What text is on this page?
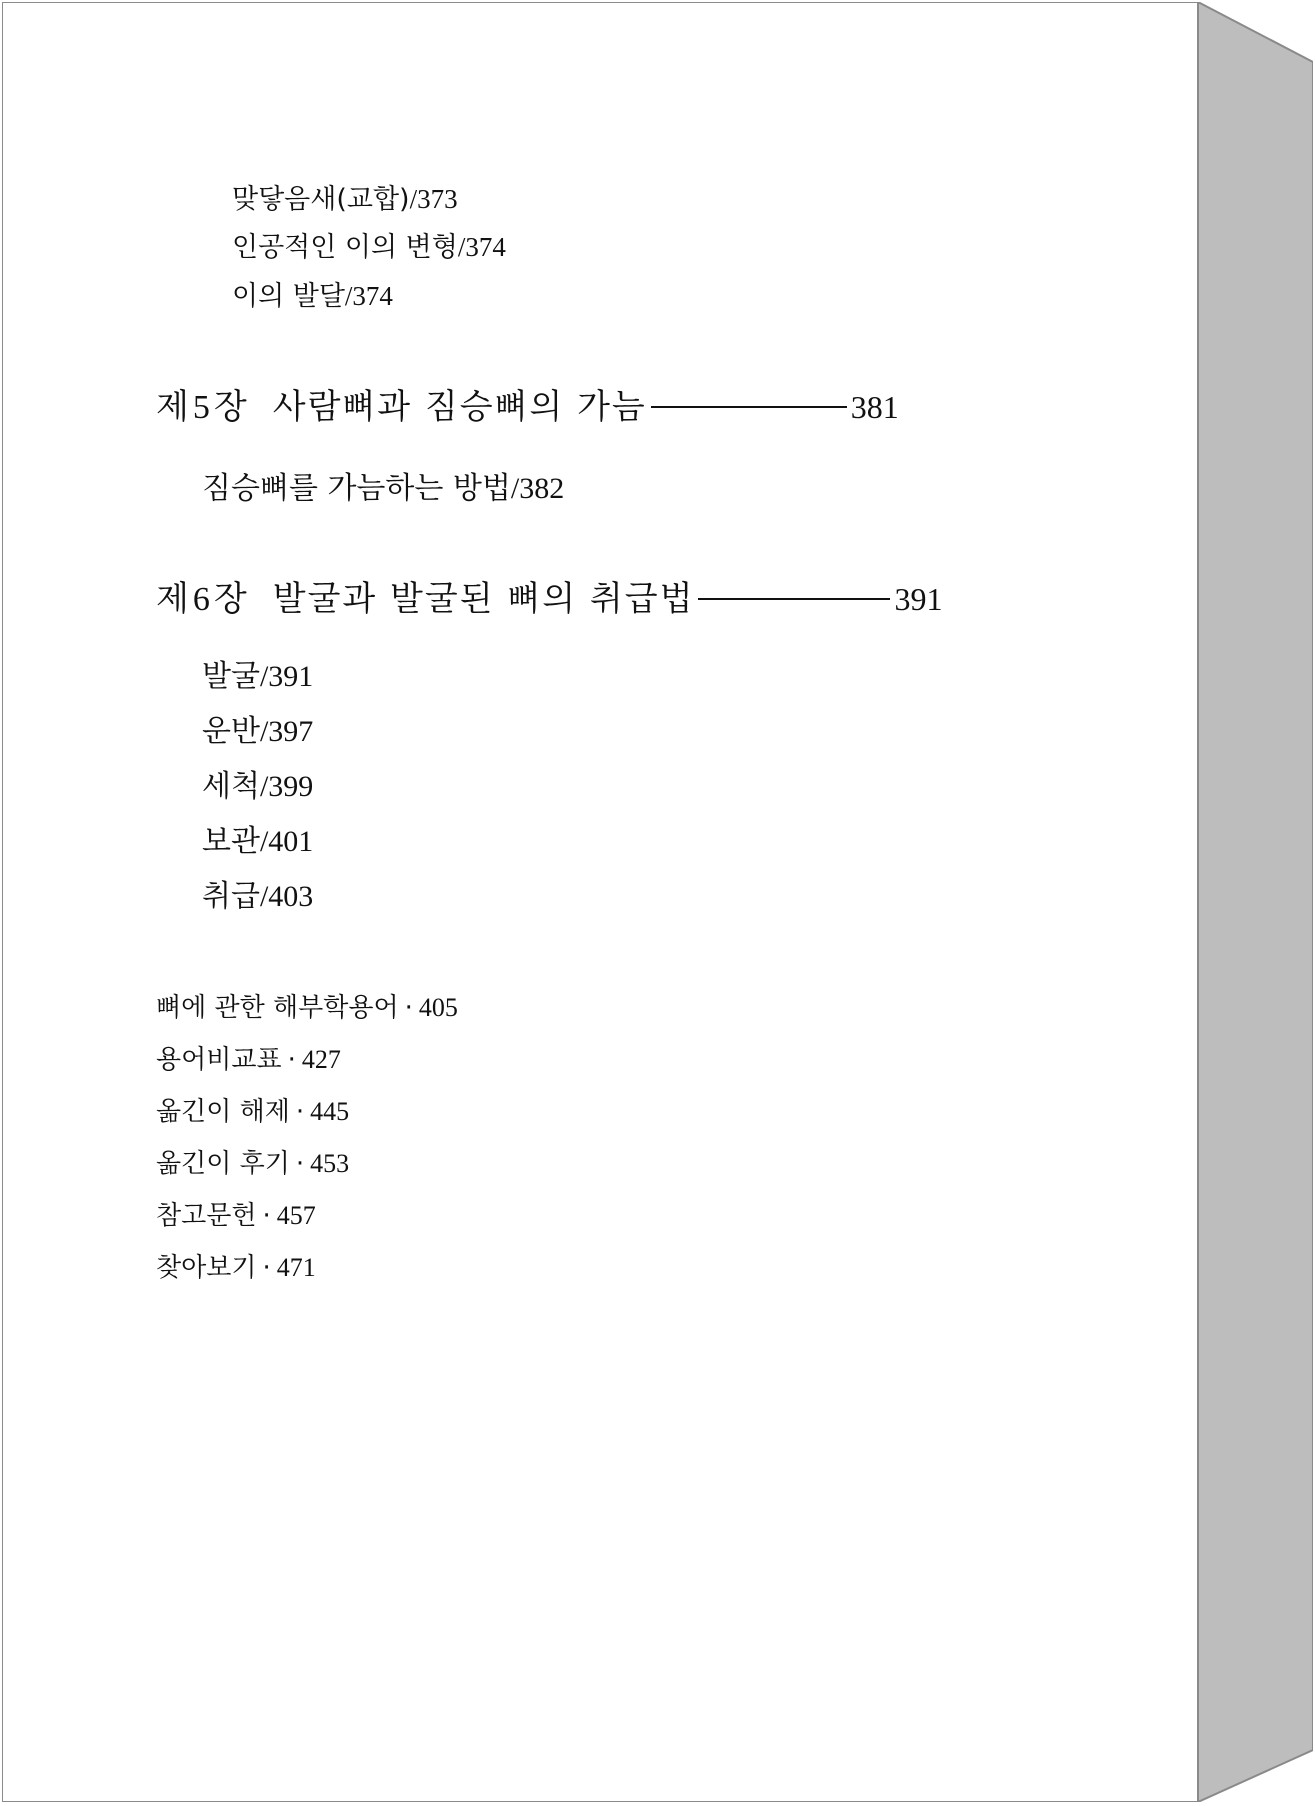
맞닿음새(교합)/373
인공적인 이의 변형/374
이의 발달/374
제 5 장 사람뼈과 짐승뼈의 가늠	381
짐승뼈를 가늠하는 방법/382
제 6 장 발굴과 발굴된 뼈의 취급법	391
발굴/391
운반/397
세척/399
보관/401
취급/403
뼈에 관한 해부학용어 · 405
용어비교표 · 427
옮긴이 해제 · 445
옮긴이 후기 · 453
참고문헌 · 457
찾아보기 · 471
